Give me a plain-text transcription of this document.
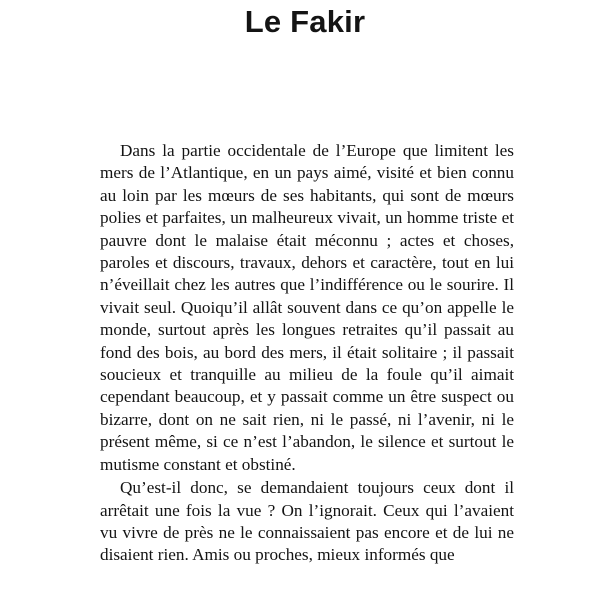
Le Fakir

Dans la partie occidentale de l’Europe que limitent les mers de l’Atlantique, en un pays aimé, visité et bien connu au loin par les mœurs de ses habitants, qui sont de mœurs polies et parfaites, un malheureux vivait, un homme triste et pauvre dont le malaise était méconnu ; actes et choses, paroles et discours, travaux, dehors et caractère, tout en lui n’éveillait chez les autres que l’indifférence ou le sourire. Il vivait seul. Quoiqu’il allât souvent dans ce qu’on appelle le monde, surtout après les longues retraites qu’il passait au fond des bois, au bord des mers, il était solitaire ; il passait soucieux et tranquille au milieu de la foule qu’il aimait cependant beaucoup, et y passait comme un être suspect ou bizarre, dont on ne sait rien, ni le passé, ni l’avenir, ni le présent même, si ce n’est l’abandon, le silence et surtout le mutisme constant et obstiné.

Qu’est-il donc, se demandaient toujours ceux dont il arrêtait une fois la vue ? On l’ignorait. Ceux qui l’avaient vu vivre de près ne le connaissaient pas encore et de lui ne disaient rien. Amis ou proches, mieux informés que
